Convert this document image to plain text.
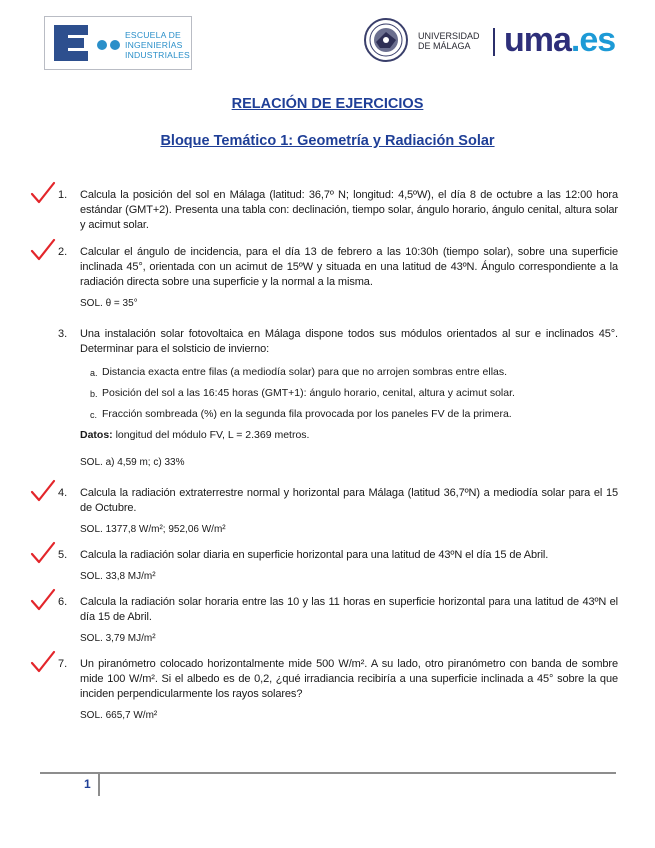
ESCUELA DE
INGENIERÍAS
INDUSTRIALES
UNIVERSIDAD
DE MÁLAGA uma.es
RELACIÓN DE EJERCICIOS
Bloque Temático 1: Geometría y Radiación Solar
1. Calcula la posición del sol en Málaga (latitud: 36,7º N; longitud: 4,5ºW), el día 8 de octubre a las 12:00 hora estándar (GMT+2). Presenta una tabla con: declinación, tiempo solar, ángulo horario, ángulo cenital, altura solar y acimut solar.
2. Calcular el ángulo de incidencia, para el día 13 de febrero a las 10:30h (tiempo solar), sobre una superficie inclinada 45°, orientada con un acimut de 15ºW y situada en una latitud de 43ºN. Ángulo correspondiente a la radiación directa sobre una superficie y la normal a la misma.
SOL. θ = 35°
3. Una instalación solar fotovoltaica en Málaga dispone todos sus módulos orientados al sur e inclinados 45°. Determinar para el solsticio de invierno:
a. Distancia exacta entre filas (a mediodía solar) para que no arrojen sombras entre ellas.
b. Posición del sol a las 16:45 horas (GMT+1): ángulo horario, cenital, altura y acimut solar.
c. Fracción sombreada (%) en la segunda fila provocada por los paneles FV de la primera.
Datos: longitud del módulo FV, L = 2.369 metros.
SOL. a) 4,59 m; c) 33%
4. Calcula la radiación extraterrestre normal y horizontal para Málaga (latitud 36,7ºN) a mediodía solar para el 15 de Octubre.
SOL. 1377,8 W/m²; 952,06 W/m²
5. Calcula la radiación solar diaria en superficie horizontal para una latitud de 43ºN el día 15 de Abril.
SOL. 33,8 MJ/m²
6. Calcula la radiación solar horaria entre las 10 y las 11 horas en superficie horizontal para una latitud de 43ºN el día 15 de Abril.
SOL. 3,79 MJ/m²
7. Un piranómetro colocado horizontalmente mide 500 W/m². A su lado, otro piranómetro con banda de sombre mide 100 W/m². Si el albedo es de 0,2, ¿qué irradiancia recibiría a una superficie inclinada a 45° sobre la que inciden perpendicularmente los rayos solares?
SOL. 665,7 W/m²
1
